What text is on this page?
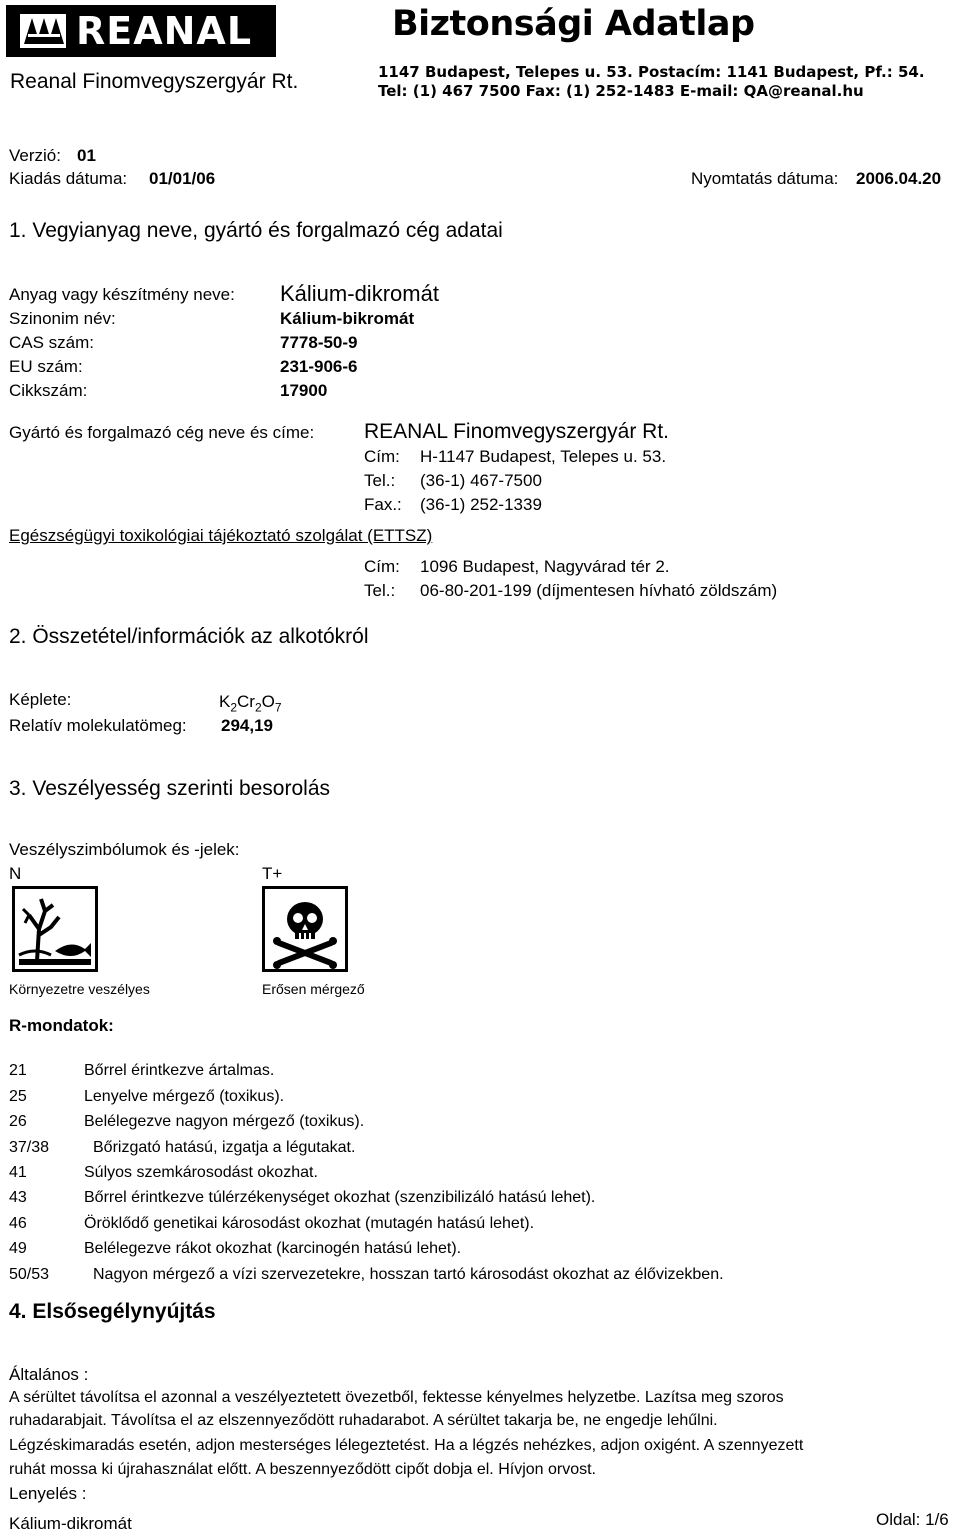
REANAL	Biztonsági Adatlap
Reanal Finomvegyszergyár Rt.	1147 Budapest, Telepes u. 53. Postacím: 1141 Budapest, Pf.: 54.
Tel: (1) 467 7500 Fax: (1) 252-1483 E-mail: QA@reanal.hu
Verzió: 01
Kiadás dátuma: 01/01/06	Nyomtatás dátuma: 2006.04.20
1. Vegyianyag neve, gyártó és forgalmazó cég adatai
Anyag vagy készítmény neve: Kálium-dikromát
Szinonim név:	Kálium-bikromát
CAS szám:	7778-50-9
EU szám:	231-906-6
Cikkszám:	17900
Gyártó és forgalmazó cég neve és címe: REANAL Finomvegyszergyár Rt.
Cím: H-1147 Budapest, Telepes u. 53.
Tel.: (36-1) 467-7500
Fax.: (36-1) 252-1339
Egészségügyi toxikológiai tájékoztató szolgálat (ETTSZ)
Cím: 1096 Budapest, Nagyvárad tér 2.
Tel.: 06-80-201-199 (díjmentesen hívható zöldszám)
2. Összetétel/információk az alkotókról
Képlete:	$K_2Cr_2O_7$
Relatív molekulatömeg: 294,19
3. Veszélyesség szerinti besorolás
Veszélyszimbólumok és -jelek:
N	T+
Környezetre veszélyes	Erősen mérgező
R-mondatok:
21	Bőrrel érintkezve ártalmas.
25	Lenyelve mérgező (toxikus).
26	Belélegezve nagyon mérgező (toxikus).
37/38	Bőrizgató hatású, izgatja a légutakat.
41	Súlyos szemkárosodást okozhat.
43	Bőrrel érintkezve túlérzékenységet okozhat (szenzibilizáló hatású lehet).
46	Öröklődő genetikai károsodást okozhat (mutagén hatású lehet).
49	Belélegezve rákot okozhat (karcinogén hatású lehet).
50/53	Nagyon mérgező a vízi szervezetekre, hosszan tartó károsodást okozhat az élővizekben.
4. Elsősegélynyújtás
Általános :
A sérültet távolítsa el azonnal a veszélyeztetett övezetből, fektesse kényelmes helyzetbe. Lazítsa meg szoros
ruhadarabjait. Távolítsa el az elszennyeződött ruhadarabot. A sérültet takarja be, ne engedje lehűlni.
Légzéskimaradás esetén, adjon mesterséges lélegeztetést. Ha a légzés nehézkes, adjon oxigént. A szennyezett
ruhát mossa ki újrahasználat előtt. A beszennyeződött cipőt dobja el. Hívjon orvost.
Lenyelés :
Kálium-dikromát	Oldal: 1/6
